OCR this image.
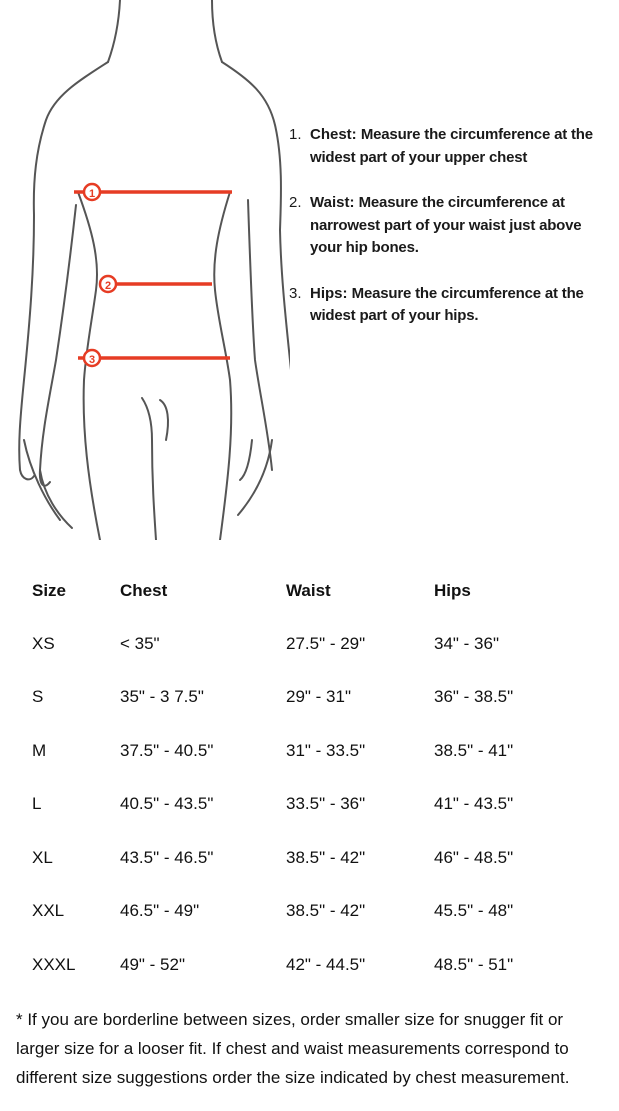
1
2
3
1. Chest: Measure the circumference at the widest part of your upper chest
2. Waist: Measure the circumference at narrowest part of your waist just above your hip bones.
3. Hips: Measure the circumference at the widest part of your hips.
Size	Chest	Waist	Hips
XS	< 35"	27.5" - 29"	34" - 36"
S	35" - 3 7.5"	29" - 31"	36" - 38.5"
M	37.5" - 40.5"	31" - 33.5"	38.5" - 41"
L	40.5" - 43.5"	33.5" - 36"	41" - 43.5"
XL	43.5" - 46.5"	38.5" - 42"	46" - 48.5"
XXL	46.5" - 49"	38.5" - 42"	45.5" - 48"
XXXL	49" - 52"	42" - 44.5"	48.5" - 51"

* If you are borderline between sizes, order smaller size for snugger fit or larger size for a looser fit. If chest and waist measurements correspond to different size suggestions order the size indicated by chest measurement.
